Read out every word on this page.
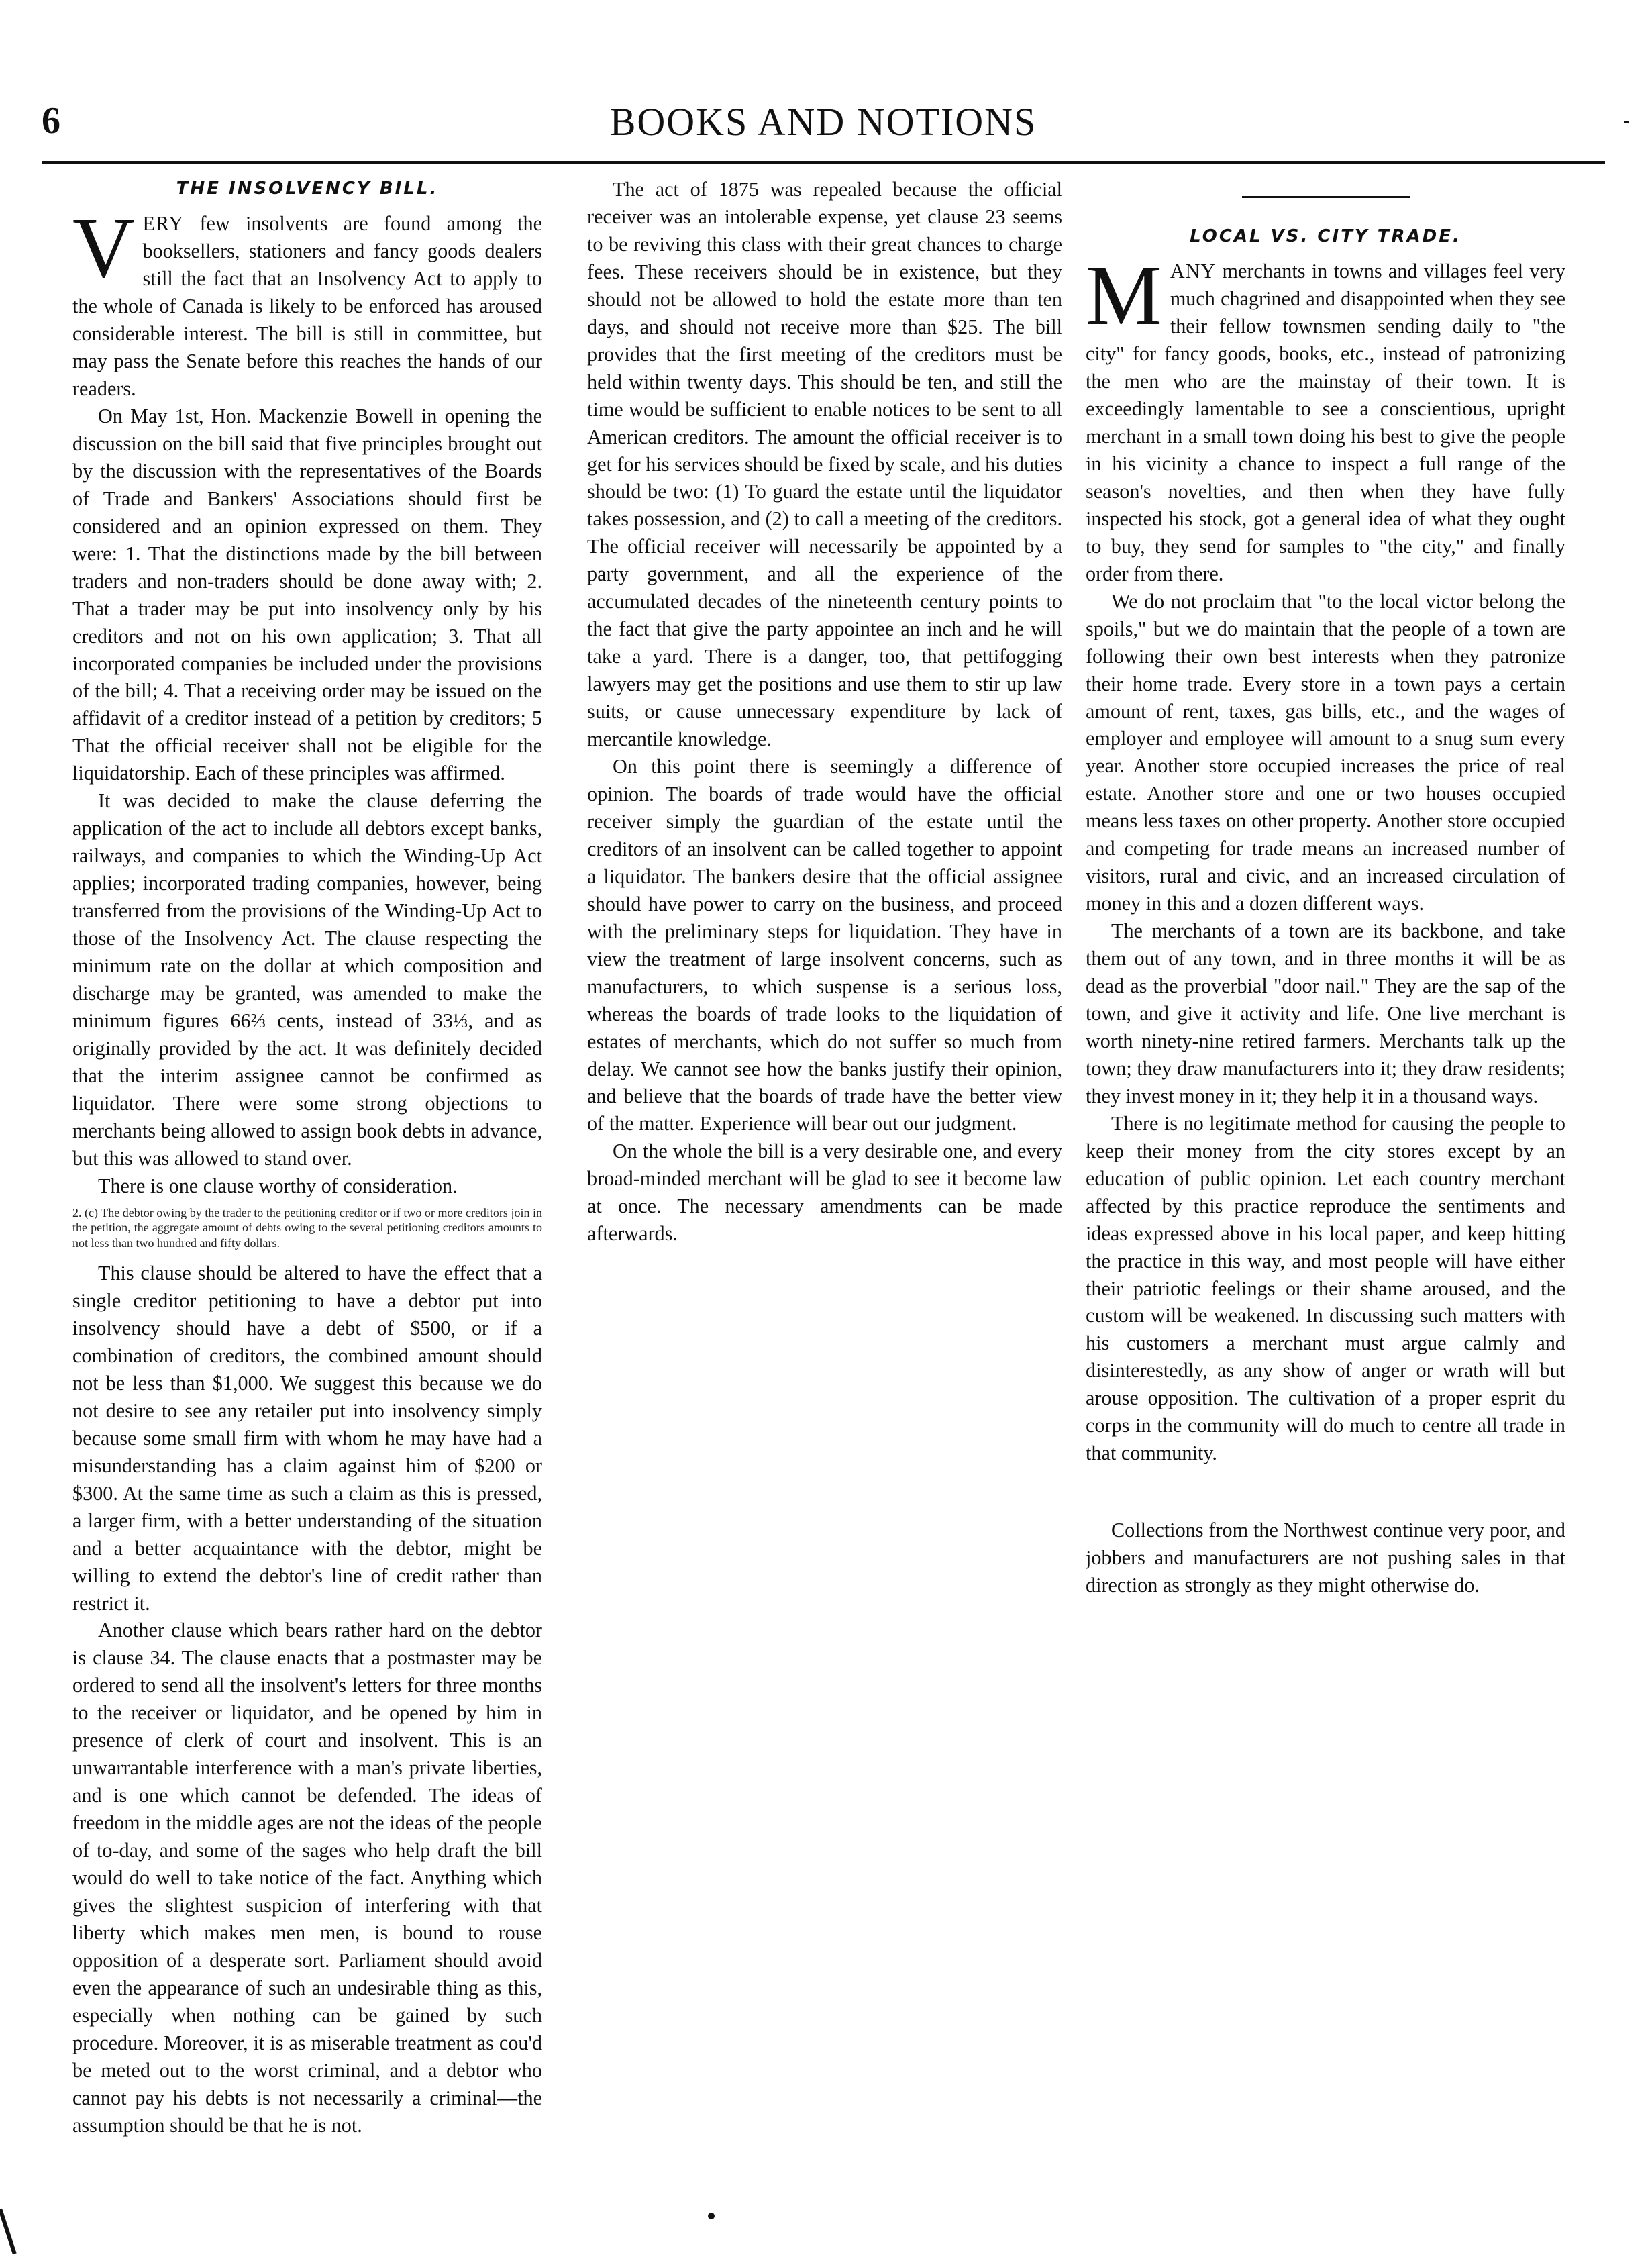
6	BOOKS AND NOTIONS
THE INSOLVENCY BILL.

VERY few insolvents are found among the booksellers, stationers and fancy goods dealers still the fact that an Insolvency Act to apply to the whole of Canada is likely to be enforced has aroused considerable interest. The bill is still in committee, but may pass the Senate before this reaches the hands of our readers.

On May 1st, Hon. Mackenzie Bowell in opening the discussion on the bill said that five principles brought out by the discussion with the representatives of the Boards of Trade and Bankers' Associations should first be considered and an opinion expressed on them. They were: 1. That the distinctions made by the bill between traders and non-traders should be done away with; 2. That a trader may be put into insolvency only by his creditors and not on his own application; 3. That all incorporated companies be included under the provisions of the bill; 4. That a receiving order may be issued on the affidavit of a creditor instead of a petition by creditors; 5 That the official receiver shall not be eligible for the liquidatorship. Each of these principles was affirmed.

It was decided to make the clause deferring the application of the act to include all debtors except banks, railways, and companies to which the Winding-Up Act applies; incorporated trading companies, however, being transferred from the provisions of the Winding-Up Act to those of the Insolvency Act. The clause respecting the minimum rate on the dollar at which composition and discharge may be granted, was amended to make the minimum figures 66⅔ cents, instead of 33⅓, and as originally provided by the act. It was definitely decided that the interim assignee cannot be confirmed as liquidator. There were some strong objections to merchants being allowed to assign book debts in advance, but this was allowed to stand over.

There is one clause worthy of consideration.

2. (c) The debtor owing by the trader to the petitioning creditor or if two or more creditors join in the petition, the aggregate amount of debts owing to the several petitioning creditors amounts to not less than two hundred and fifty dollars.

This clause should be altered to have the effect that a single creditor petitioning to have a debtor put into insolvency should have a debt of $500, or if a combination of creditors, the combined amount should not be less than $1,000. We suggest this because we do not desire to see any retailer put into insolvency simply because some small firm with whom he may have had a misunderstanding has a claim against him of $200 or $300. At the same time as such a claim as this is pressed, a larger firm, with a better understanding of the situation and a better acquaintance with the debtor, might be willing to extend the debtor's line of credit rather than restrict it.

Another clause which bears rather hard on the debtor is clause 34. The clause enacts that a postmaster may be ordered to send all the insolvent's letters for three months to the receiver or liquidator, and be opened by him in presence of clerk of court and insolvent. This is an unwarrantable interference with a man's private liberties, and is one which cannot be defended. The ideas of freedom in the middle ages are not the ideas of the people of to-day, and some of the sages who help draft the bill would do well to take notice of the fact. Anything which gives the slightest suspicion of interfering with that liberty which makes men men, is bound to rouse opposition of a desperate sort. Parliament should avoid even the appearance of such an undesirable thing as this, especially when nothing can be gained by such procedure. Moreover, it is as miserable treatment as cou'd be meted out to the worst criminal, and a debtor who cannot pay his debts is not necessarily a criminal—the assumption should be that he is not.

The act of 1875 was repealed because the official receiver was an intolerable expense, yet clause 23 seems to be reviving this class with their great chances to charge fees. These receivers should be in existence, but they should not be allowed to hold the estate more than ten days, and should not receive more than $25. The bill provides that the first meeting of the creditors must be held within twenty days. This should be ten, and still the time would be sufficient to enable notices to be sent to all American creditors. The amount the official receiver is to get for his services should be fixed by scale, and his duties should be two: (1) To guard the estate until the liquidator takes possession, and (2) to call a meeting of the creditors. The official receiver will necessarily be appointed by a party government, and all the experience of the accumulated decades of the nineteenth century points to the fact that give the party appointee an inch and he will take a yard. There is a danger, too, that pettifogging lawyers may get the positions and use them to stir up law suits, or cause unnecessary expenditure by lack of mercantile knowledge.

On this point there is seemingly a difference of opinion. The boards of trade would have the official receiver simply the guardian of the estate until the creditors of an insolvent can be called together to appoint a liquidator. The bankers desire that the official assignee should have power to carry on the business, and proceed with the preliminary steps for liquidation. They have in view the treatment of large insolvent concerns, such as manufacturers, to which suspense is a serious loss, whereas the boards of trade looks to the liquidation of estates of merchants, which do not suffer so much from delay. We cannot see how the banks justify their opinion, and believe that the boards of trade have the better view of the matter. Experience will bear out our judgment.

On the whole the bill is a very desirable one, and every broad-minded merchant will be glad to see it become law at once. The necessary amendments can be made afterwards.

LOCAL VS. CITY TRADE.

MANY merchants in towns and villages feel very much chagrined and disappointed when they see their fellow townsmen sending daily to "the city" for fancy goods, books, etc., instead of patronizing the men who are the mainstay of their town. It is exceedingly lamentable to see a conscientious, upright merchant in a small town doing his best to give the people in his vicinity a chance to inspect a full range of the season's novelties, and then when they have fully inspected his stock, got a general idea of what they ought to buy, they send for samples to "the city," and finally order from there.

We do not proclaim that "to the local victor belong the spoils," but we do maintain that the people of a town are following their own best interests when they patronize their home trade. Every store in a town pays a certain amount of rent, taxes, gas bills, etc., and the wages of employer and employee will amount to a snug sum every year. Another store occupied increases the price of real estate. Another store and one or two houses occupied means less taxes on other property. Another store occupied and competing for trade means an increased number of visitors, rural and civic, and an increased circulation of money in this and a dozen different ways.

The merchants of a town are its backbone, and take them out of any town, and in three months it will be as dead as the proverbial "door nail." They are the sap of the town, and give it activity and life. One live merchant is worth ninety-nine retired farmers. Merchants talk up the town; they draw manufacturers into it; they draw residents; they invest money in it; they help it in a thousand ways.

There is no legitimate method for causing the people to keep their money from the city stores except by an education of public opinion. Let each country merchant affected by this practice reproduce the sentiments and ideas expressed above in his local paper, and keep hitting the practice in this way, and most people will have either their patriotic feelings or their shame aroused, and the custom will be weakened. In discussing such matters with his customers a merchant must argue calmly and disinterestedly, as any show of anger or wrath will but arouse opposition. The cultivation of a proper esprit du corps in the community will do much to centre all trade in that community.

Collections from the Northwest continue very poor, and jobbers and manufacturers are not pushing sales in that direction as strongly as they might otherwise do.
